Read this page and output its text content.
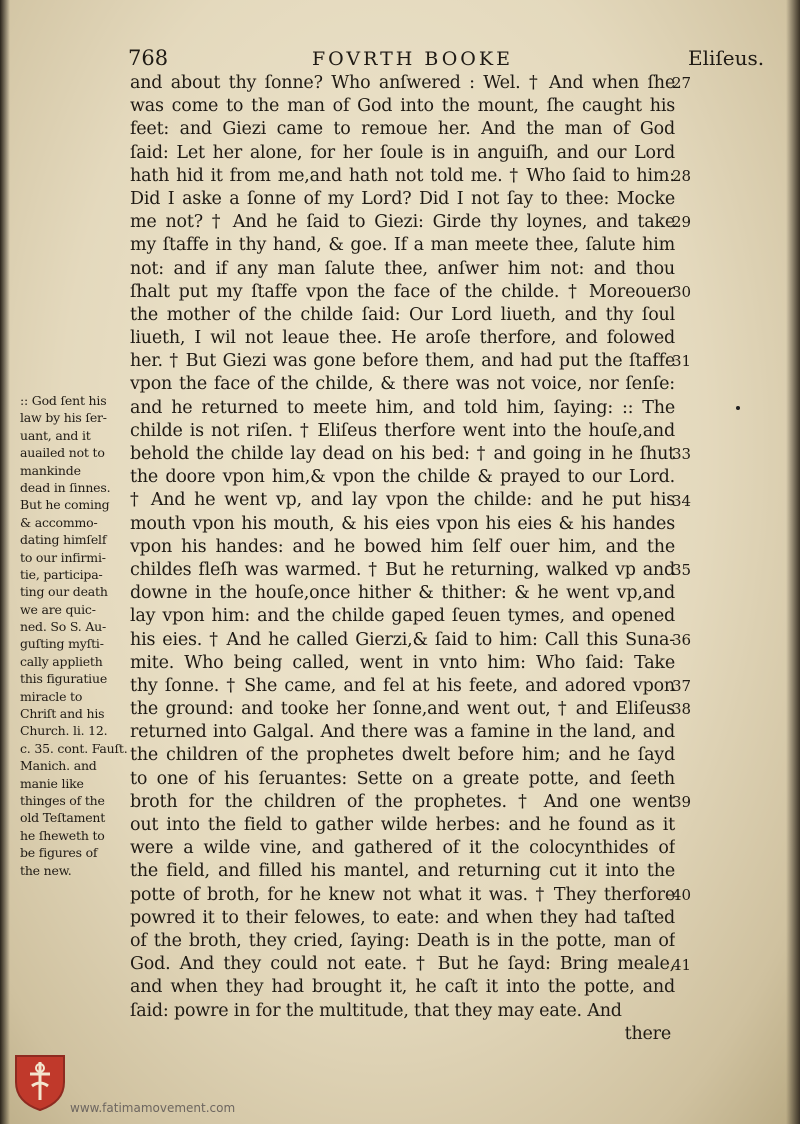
768	FOVRTH BOOKE	Eliſeus.
and about thy ſonne? Who anſwered : Wel. † And when ſhe
was come to the man of God into the mount, ſhe caught his
feet: and Giezi came to remoue her. And the man of God
ſaid: Let her alone, for her ſoule is in anguiſh, and our Lord
hath hid it from me,and hath not told me. † Who ſaid to him:
Did I aske a ſonne of my Lord? Did I not ſay to thee: Mocke
me not? † And he ſaid to Giezi: Girde thy loynes, and take
my ſtaffe in thy hand, & goe. If a man meete thee, ſalute him
not: and if any man ſalute thee, anſwer him not: and thou
ſhalt put my ſtaffe vpon the face of the childe. † Moreouer
the mother of the childe ſaid: Our Lord liueth, and thy ſoul
liueth, I wil not leaue thee. He aroſe therfore, and folowed
her. † But Giezi was gone before them, and had put the ſtaffe
vpon the face of the childe, & there was not voice, nor ſenſe:
and he returned to meete him, and told him, ſaying: :: The
childe is not riſen. † Eliſeus therfore went into the houſe,and
behold the childe lay dead on his bed: † and going in he ſhut
the doore vpon him,& vpon the childe & prayed to our Lord.
† And he went vp, and lay vpon the childe: and he put his
mouth vpon his mouth, & his eies vpon his eies & his handes
vpon his handes: and he bowed him ſelf ouer him, and the
childes fleſh was warmed. † But he returning, walked vp and
downe in the houſe,once hither & thither: & he went vp,and
lay vpon him: and the childe gaped ſeuen tymes, and opened
his eies. † And he called Gierzi,& ſaid to him: Call this Suna-
mite. Who being called, went in vnto him: Who ſaid: Take
thy ſonne. † She came, and fel at his feete, and adored vpon
the ground: and tooke her ſonne,and went out, † and Eliſeus
returned into Galgal. And there was a famine in the land, and
the children of the prophetes dwelt before him; and he ſayd
to one of his ſeruantes: Sette on a greate potte, and ſeeth
broth for the children of the prophetes. † And one went
out into the field to gather wilde herbes: and he found as it
were a wilde vine, and gathered of it the colocynthides of
the field, and filled his mantel, and returning cut it into the
potte of broth, for he knew not what it was. † They therfore
powred it to their felowes, to eate: and when they had taſted
of the broth, they cried, ſaying: Death is in the potte, man of
God. And they could not eate. † But he ſayd: Bring meale,
and when they had brought it, he caſt it into the potte, and
ſaid: powre in for the multitude, that they may eate. And
there
27
28
29
30
31
33
34
35
36
37
38
39
40
41
:: God ſent his
law by his ſer-
uant, and it
auailed not to
mankinde
dead in ſinnes.
But he coming
& accommo-
dating himſelf
to our infirmi-
tie, participa-
ting our death
we are quic-
ned. So S. Au-
guſting myſti-
cally applieth
this figuratiue
miracle to
Chriſt and his
Church. li. 12.
c. 35. cont. Fauſt.
Manich. and
manie like
thinges of the
old Teſtament
he ſheweth to
be figures of
the new.
www.fatimamovement.com
